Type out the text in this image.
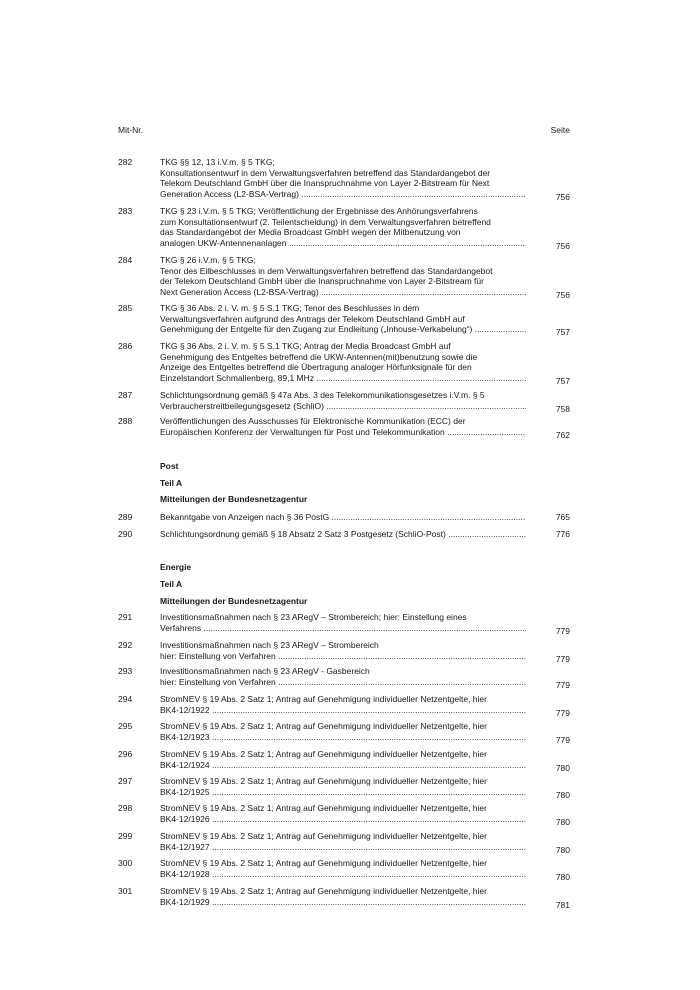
Mit-Nr.	Seite
Post
Teil A
Mitteilungen der Bundesnetzagentur
Energie
Teil A
Mitteilungen der Bundesnetzagentur
282	TKG §§ 12, 13 i.V.m. § 5 TKG;
Konsultationsentwurf in dem Verwaltungsverfahren betreffend das Standardangebot der
Telekom Deutschland GmbH über die Inanspruchnahme von Layer 2-Bitstream für Next
Generation Access (L2-BSA-Vertrag) .....	756
283	TKG § 23 i.V.m. § 5 TKG; Veröffentlichung der Ergebnisse des Anhörungsverfahrens
zum Konsultationsentwurf (2. Teilentscheidung) in dem Verwaltungsverfahren betreffend
das Standardangebot der Media Broadcast GmbH wegen der Mitbenutzung von
analogen UKW-Antennenanlagen .....	756
284	TKG § 26 i.V.m. § 5 TKG;
Tenor des Eilbeschlusses in dem Verwaltungsverfahren betreffend das Standardangebot
der Telekom Deutschland GmbH über die Inanspruchnahme von Layer 2-Bitstream für
Next Generation Access (L2-BSA-Vertrag) .....	756
285	TKG § 36 Abs. 2 i. V. m. § 5 S.1 TKG; Tenor des Beschlusses in dem
Verwaltungsverfahren aufgrund des Antrags der Telekom Deutschland GmbH auf
Genehmigung der Entgelte für den Zugang zur Endleitung („Inhouse-Verkabelung“) .....	757
286	TKG § 36 Abs. 2 i. V. m. § 5 S.1 TKG; Antrag der Media Broadcast GmbH auf
Genehmigung des Entgeltes betreffend die UKW-Antennen(mit)benutzung sowie die
Anzeige des Entgeltes betreffend die Übertragung analoger Hörfunksignale für den
Einzelstandort Schmallenberg, 89,1 MHz .....	757
287	Schlichtungsordnung gemäß § 47a Abs. 3 des Telekommunikationsgesetzes i.V.m. § 5
Verbraucherstreitbeilegungsgesetz (SchliO) .....	758
288	Veröffentlichungen des Ausschusses für Elektronische Kommunikation (ECC) der
Europäischen Konferenz der Verwaltungen für Post und Telekommunikation .....	762
289	Bekanntgabe von Anzeigen nach § 36 PostG .....	765
290	Schlichtungsordnung gemäß § 18 Absatz 2 Satz 3 Postgesetz (SchliO-Post) .....	776
291	Investitionsmaßnahmen nach § 23 ARegV – Strombereich; hier: Einstellung eines
Verfahrens .....	779
292	Investitionsmaßnahmen nach § 23 ARegV – Strombereich
hier: Einstellung von Verfahren .....	779
293	Investitionsmaßnahmen nach § 23 ARegV - Gasbereich
hier: Einstellung von Verfahren .....	779
294	StromNEV § 19 Abs. 2 Satz 1; Antrag auf Genehmigung individueller Netzentgelte, hier
BK4-12/1922 .....	779
295	StromNEV § 19 Abs. 2 Satz 1; Antrag auf Genehmigung individueller Netzentgelte, hier
BK4-12/1923 .....	779
296	StromNEV § 19 Abs. 2 Satz 1; Antrag auf Genehmigung individueller Netzentgelte, hier
BK4-12/1924 .....	780
297	StromNEV § 19 Abs. 2 Satz 1; Antrag auf Genehmigung individueller Netzentgelte, hier
BK4-12/1925 .....	780
298	StromNEV § 19 Abs. 2 Satz 1; Antrag auf Genehmigung individueller Netzentgelte, hier
BK4-12/1926 .....	780
299	StromNEV § 19 Abs. 2 Satz 1; Antrag auf Genehmigung individueller Netzentgelte, hier
BK4-12/1927 .....	780
300	StromNEV § 19 Abs. 2 Satz 1; Antrag auf Genehmigung individueller Netzentgelte, hier
BK4-12/1928 .....	780
301	StromNEV § 19 Abs. 2 Satz 1; Antrag auf Genehmigung individueller Netzentgelte, hier
BK4-12/1929 .....	781
